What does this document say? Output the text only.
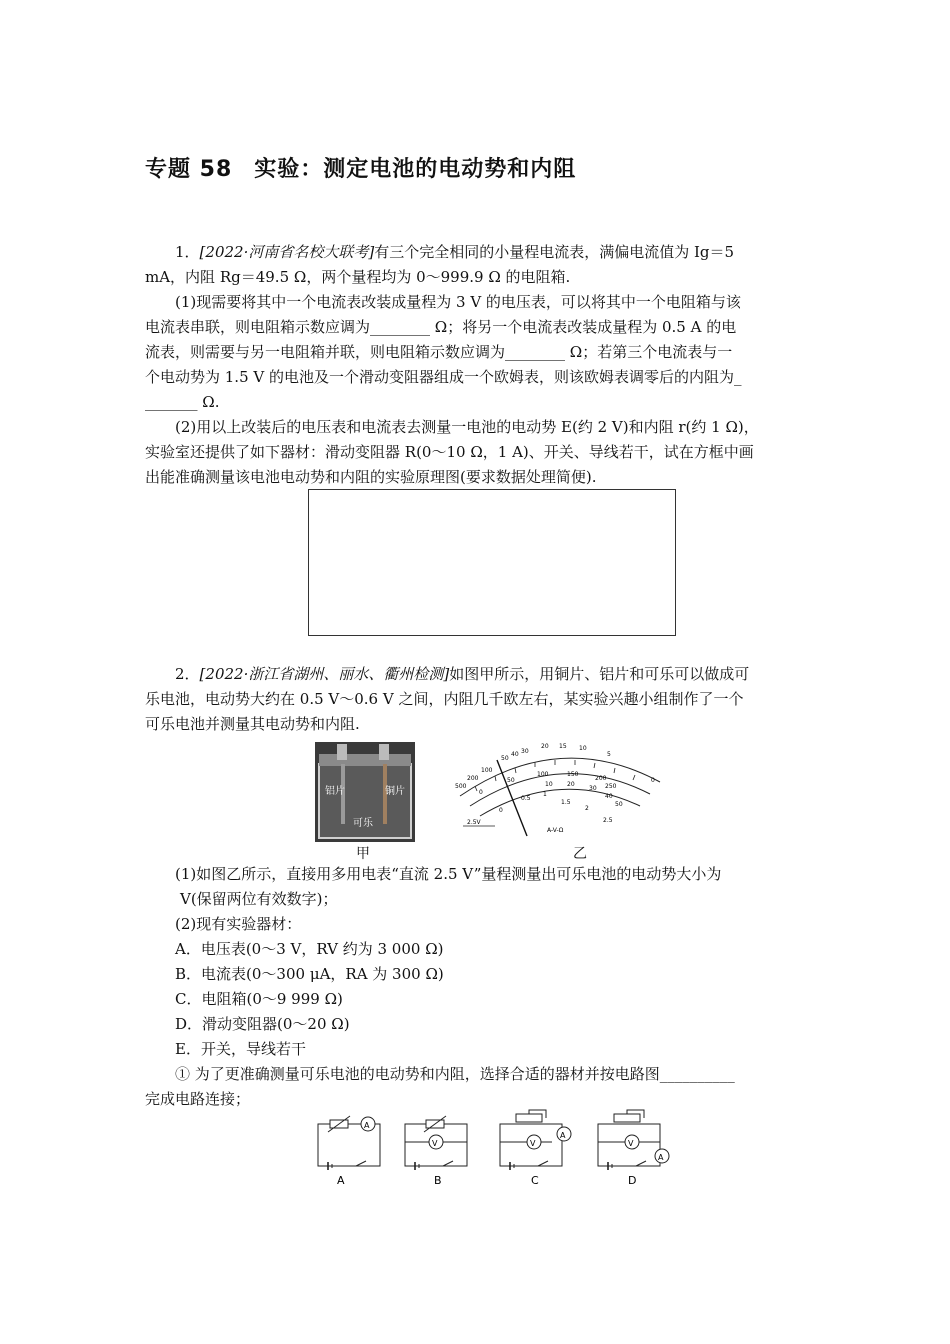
专题 58 实验：测定电池的电动势和内阻
1．[2022·河南省名校大联考]有三个完全相同的小量程电流表，满偏电流值为 Ig＝5
mA，内阻 Rg＝49.5 Ω，两个量程均为 0～999.9 Ω 的电阻箱.
(1)现需要将其中一个电流表改装成量程为 3 V 的电压表，可以将其中一个电阻箱与该
电流表串联，则电阻箱示数应调为________ Ω；将另一个电流表改装成量程为 0.5 A 的电
流表，则需要与另一电阻箱并联，则电阻箱示数应调为________ Ω；若第三个电流表与一
个电动势为 1.5 V 的电池及一个滑动变阻器组成一个欧姆表，则该欧姆表调零后的内阻为_
_______ Ω.
(2)用以上改装后的电压表和电流表去测量一电池的电动势 E(约 2 V)和内阻 r(约 1 Ω)，
实验室还提供了如下器材：滑动变阻器 R(0～10 Ω，1 A)、开关、导线若干，试在方框中画
出能准确测量该电池电动势和内阻的实验原理图(要求数据处理简便).
2．[2022·浙江省湖州、丽水、衢州检测]如图甲所示，用铜片、铝片和可乐可以做成可
乐电池，电动势大约在 0.5 V～0.6 V 之间，内阻几千欧左右，某实验兴趣小组制作了一个
可乐电池并测量其电动势和内阻.
铝片	铜片
可乐
甲
500
200
100
50
40 30
20 15 10
5
0
100	150
200
250
50
0
10 20
30
40
50
0
0.5
1
1.5
2
2.5
2.5V
A-V-Ω
乙
(1)如图乙所示，直接用多用电表“直流 2.5 V”量程测量出可乐电池的电动势大小为
V(保留两位有效数字)；
(2)现有实验器材：
A．电压表(0～3 V，RV 约为 3 000 Ω)
B．电流表(0～300 μA，RA 为 300 Ω)
C．电阻箱(0～9 999 Ω)
D．滑动变阻器(0～20 Ω)
E．开关，导线若干
① 为了更准确测量可乐电池的电动势和内阻，选择合适的器材并按电路图__________
完成电路连接；
A
V	V
A
V
A
A	B	C	D
